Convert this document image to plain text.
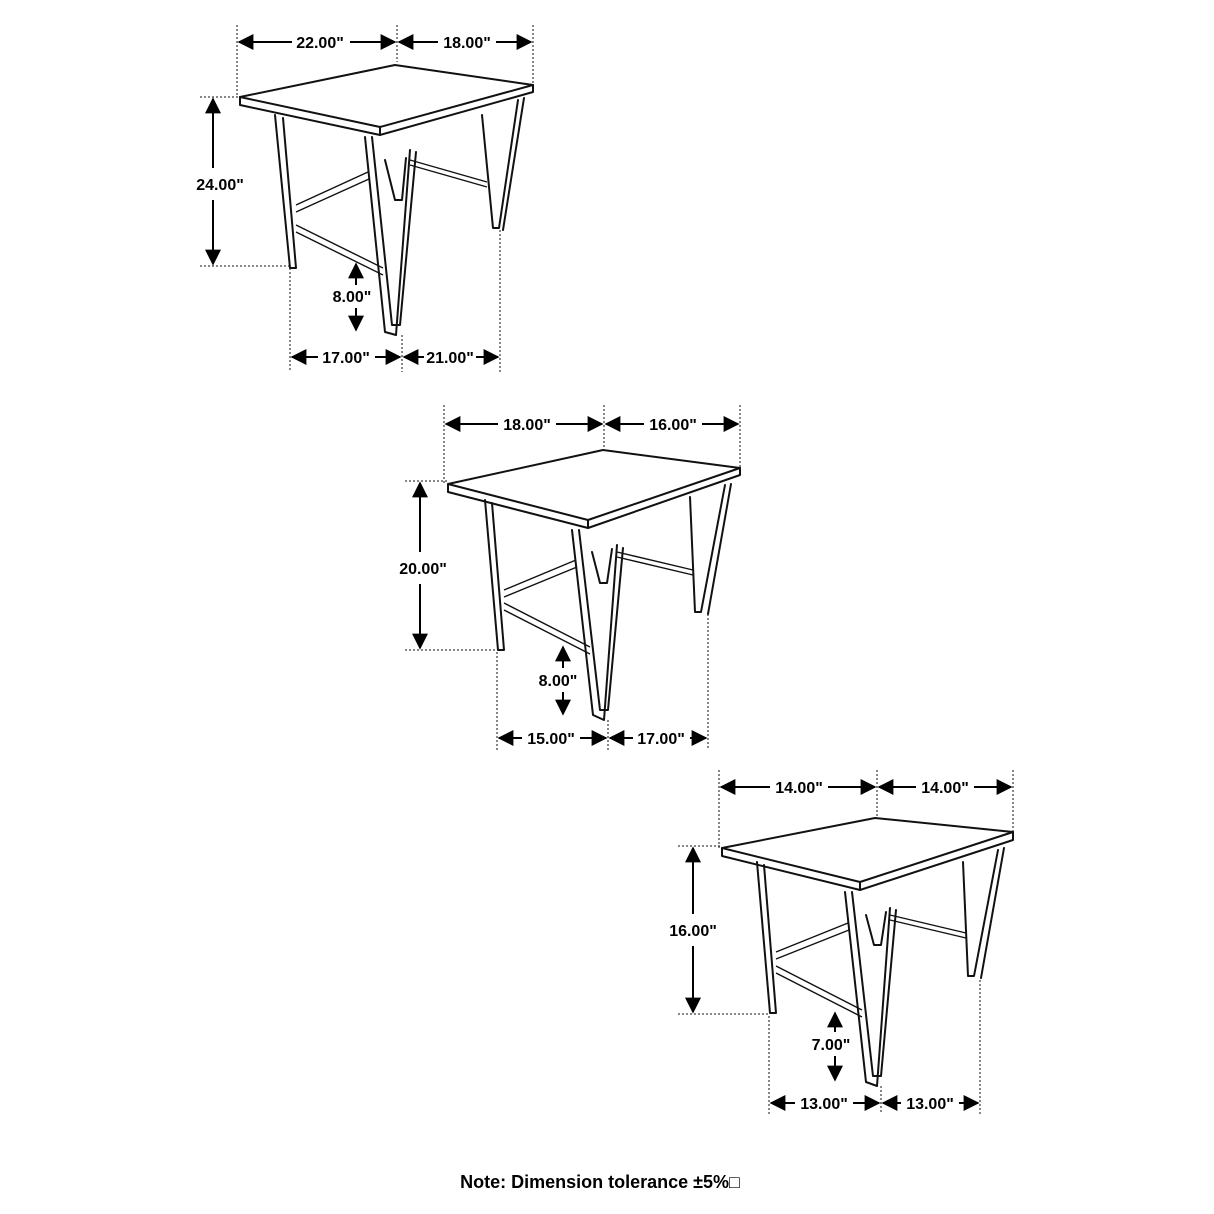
22.00"	18.00"
24.00"
8.00"
17.00"	21.00"
18.00"	16.00"
20.00"
8.00"
15.00"	17.00"
14.00"	14.00"
16.00"
7.00"
13.00"	13.00"
Note: Dimension tolerance ±5%□
